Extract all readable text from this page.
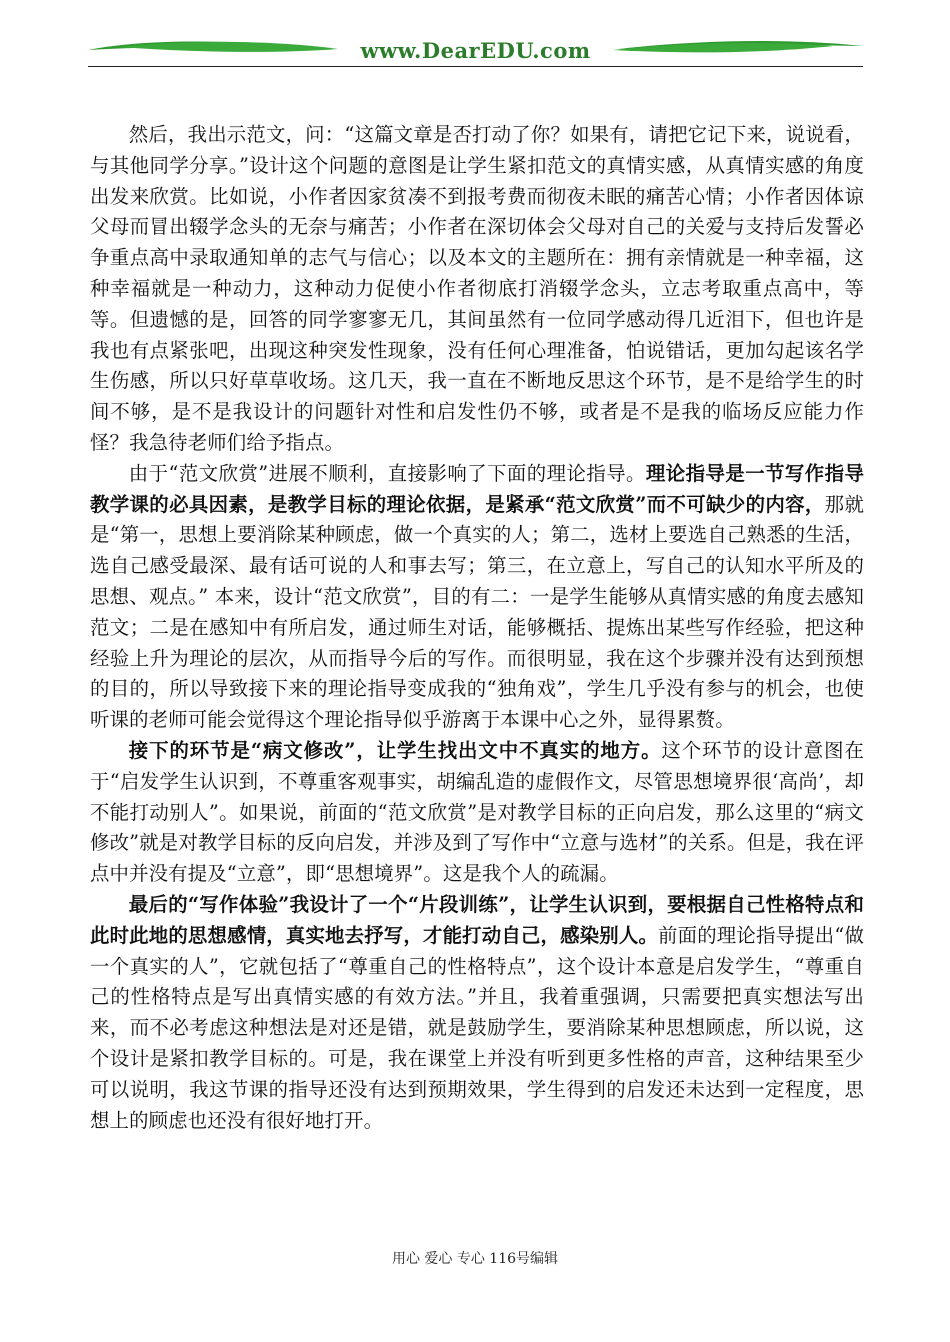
www.DearEDU.com

然后，我出示范文，问：“这篇文章是否打动了你？如果有，请把它记下来，说说看，与其他同学分享。”设计这个问题的意图是让学生紧扣范文的真情实感，从真情实感的角度出发来欣赏。比如说，小作者因家贫凑不到报考费而彻夜未眠的痛苦心情；小作者因体谅父母而冒出辍学念头的无奈与痛苦；小作者在深切体会父母对自己的关爱与支持后发誓必争重点高中录取通知单的志气与信心；以及本文的主题所在：拥有亲情就是一种幸福，这种幸福就是一种动力，这种动力促使小作者彻底打消辍学念头，立志考取重点高中，等等。但遗憾的是，回答的同学寥寥无几，其间虽然有一位同学感动得几近泪下，但也许是我也有点紧张吧，出现这种突发性现象，没有任何心理准备，怕说错话，更加勾起该名学生伤感，所以只好草草收场。这几天，我一直在不断地反思这个环节，是不是给学生的时间不够，是不是我设计的问题针对性和启发性仍不够，或者是不是我的临场反应能力作怪？我急待老师们给予指点。

由于“范文欣赏”进展不顺利，直接影响了下面的理论指导。理论指导是一节写作指导教学课的必具因素，是教学目标的理论依据，是紧承“范文欣赏”而不可缺少的内容，那就是“第一，思想上要消除某种顾虑，做一个真实的人；第二，选材上要选自己熟悉的生活，选自己感受最深、最有话可说的人和事去写；第三，在立意上，写自己的认知水平所及的思想、观点。” 本来，设计“范文欣赏”，目的有二：一是学生能够从真情实感的角度去感知范文；二是在感知中有所启发，通过师生对话，能够概括、提炼出某些写作经验，把这种经验上升为理论的层次，从而指导今后的写作。而很明显，我在这个步骤并没有达到预想的目的，所以导致接下来的理论指导变成我的“独角戏”，学生几乎没有参与的机会，也使听课的老师可能会觉得这个理论指导似乎游离于本课中心之外，显得累赘。

接下的环节是“病文修改”，让学生找出文中不真实的地方。这个环节的设计意图在于“启发学生认识到，不尊重客观事实，胡编乱造的虚假作文，尽管思想境界很‘高尚’，却不能打动别人”。如果说，前面的“范文欣赏”是对教学目标的正向启发，那么这里的“病文修改”就是对教学目标的反向启发，并涉及到了写作中“立意与选材”的关系。但是，我在评点中并没有提及“立意”，即“思想境界”。这是我个人的疏漏。

最后的“写作体验”我设计了一个“片段训练”，让学生认识到，要根据自己性格特点和此时此地的思想感情，真实地去抒写，才能打动自己，感染别人。前面的理论指导提出“做一个真实的人”，它就包括了“尊重自己的性格特点”，这个设计本意是启发学生，“尊重自己的性格特点是写出真情实感的有效方法。”并且，我着重强调，只需要把真实想法写出来，而不必考虑这种想法是对还是错，就是鼓励学生，要消除某种思想顾虑，所以说，这个设计是紧扣教学目标的。可是，我在课堂上并没有听到更多性格的声音，这种结果至少可以说明，我这节课的指导还没有达到预期效果，学生得到的启发还未达到一定程度，思想上的顾虑也还没有很好地打开。

用心 爱心 专心 116号编辑
